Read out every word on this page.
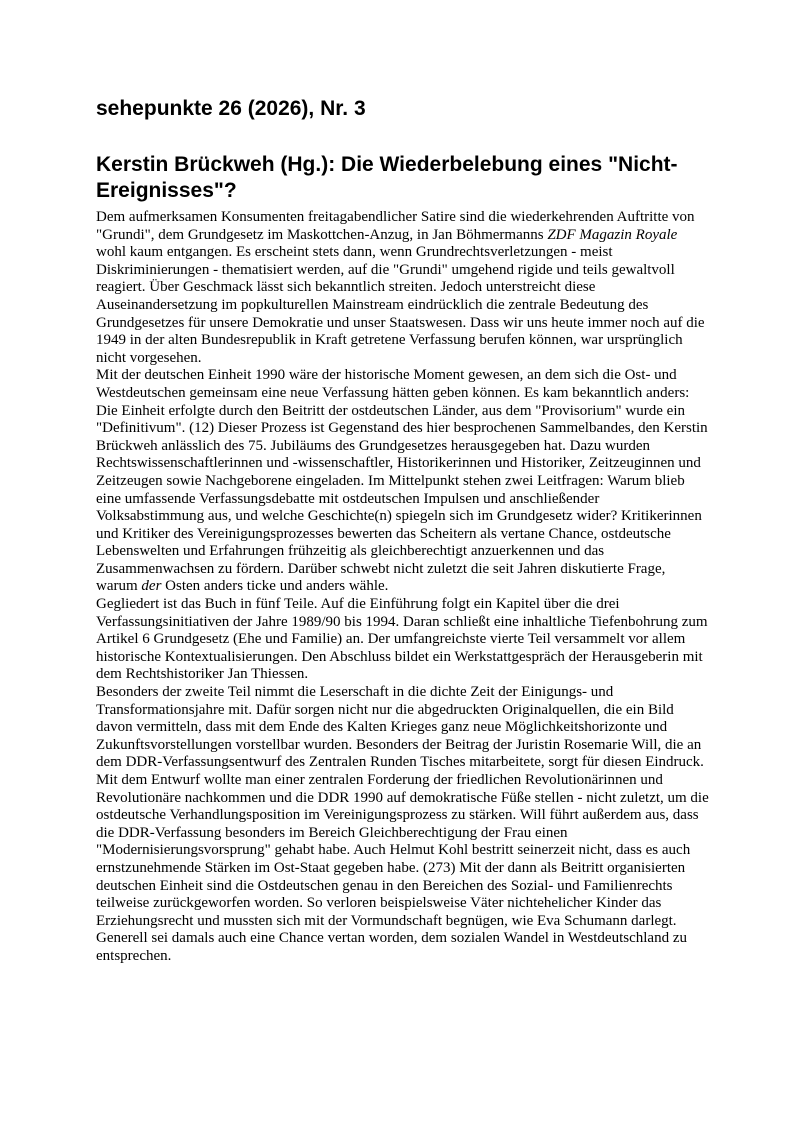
sehepunkte 26 (2026), Nr. 3
Kerstin Brückweh (Hg.): Die Wiederbelebung eines "Nicht-Ereignisses"?

Dem aufmerksamen Konsumenten freitagabendlicher Satire sind die wiederkehrenden Auftritte von "Grundi", dem Grundgesetz im Maskottchen-Anzug, in Jan Böhmermanns ZDF Magazin Royale wohl kaum entgangen. Es erscheint stets dann, wenn Grundrechtsverletzungen - meist Diskriminierungen - thematisiert werden, auf die "Grundi" umgehend rigide und teils gewaltvoll reagiert. Über Geschmack lässt sich bekanntlich streiten. Jedoch unterstreicht diese Auseinandersetzung im popkulturellen Mainstream eindrücklich die zentrale Bedeutung des Grundgesetzes für unsere Demokratie und unser Staatswesen. Dass wir uns heute immer noch auf die 1949 in der alten Bundesrepublik in Kraft getretene Verfassung berufen können, war ursprünglich nicht vorgesehen.

Mit der deutschen Einheit 1990 wäre der historische Moment gewesen, an dem sich die Ost- und Westdeutschen gemeinsam eine neue Verfassung hätten geben können. Es kam bekanntlich anders: Die Einheit erfolgte durch den Beitritt der ostdeutschen Länder, aus dem "Provisorium" wurde ein "Definitivum". (12) Dieser Prozess ist Gegenstand des hier besprochenen Sammelbandes, den Kerstin Brückweh anlässlich des 75. Jubiläums des Grundgesetzes herausgegeben hat. Dazu wurden Rechtswissenschaftlerinnen und -wissenschaftler, Historikerinnen und Historiker, Zeitzeuginnen und Zeitzeugen sowie Nachgeborene eingeladen. Im Mittelpunkt stehen zwei Leitfragen: Warum blieb eine umfassende Verfassungsdebatte mit ostdeutschen Impulsen und anschließender Volksabstimmung aus, und welche Geschichte(n) spiegeln sich im Grundgesetz wider? Kritikerinnen und Kritiker des Vereinigungsprozesses bewerten das Scheitern als vertane Chance, ostdeutsche Lebenswelten und Erfahrungen frühzeitig als gleichberechtigt anzuerkennen und das Zusammenwachsen zu fördern. Darüber schwebt nicht zuletzt die seit Jahren diskutierte Frage, warum der Osten anders ticke und anders wähle.

Gegliedert ist das Buch in fünf Teile. Auf die Einführung folgt ein Kapitel über die drei Verfassungsinitiativen der Jahre 1989/90 bis 1994. Daran schließt eine inhaltliche Tiefenbohrung zum Artikel 6 Grundgesetz (Ehe und Familie) an. Der umfangreichste vierte Teil versammelt vor allem historische Kontextualisierungen. Den Abschluss bildet ein Werkstattgespräch der Herausgeberin mit dem Rechtshistoriker Jan Thiessen.

Besonders der zweite Teil nimmt die Leserschaft in die dichte Zeit der Einigungs- und Transformationsjahre mit. Dafür sorgen nicht nur die abgedruckten Originalquellen, die ein Bild davon vermitteln, dass mit dem Ende des Kalten Krieges ganz neue Möglichkeitshorizonte und Zukunftsvorstellungen vorstellbar wurden. Besonders der Beitrag der Juristin Rosemarie Will, die an dem DDR-Verfassungsentwurf des Zentralen Runden Tisches mitarbeitete, sorgt für diesen Eindruck. Mit dem Entwurf wollte man einer zentralen Forderung der friedlichen Revolutionärinnen und Revolutionäre nachkommen und die DDR 1990 auf demokratische Füße stellen - nicht zuletzt, um die ostdeutsche Verhandlungsposition im Vereinigungsprozess zu stärken. Will führt außerdem aus, dass die DDR-Verfassung besonders im Bereich Gleichberechtigung der Frau einen "Modernisierungsvorsprung" gehabt habe. Auch Helmut Kohl bestritt seinerzeit nicht, dass es auch ernstzunehmende Stärken im Ost-Staat gegeben habe. (273) Mit der dann als Beitritt organisierten deutschen Einheit sind die Ostdeutschen genau in den Bereichen des Sozial- und Familienrechts teilweise zurückgeworfen worden. So verloren beispielsweise Väter nichtehelicher Kinder das Erziehungsrecht und mussten sich mit der Vormundschaft begnügen, wie Eva Schumann darlegt. Generell sei damals auch eine Chance vertan worden, dem sozialen Wandel in Westdeutschland zu entsprechen.
